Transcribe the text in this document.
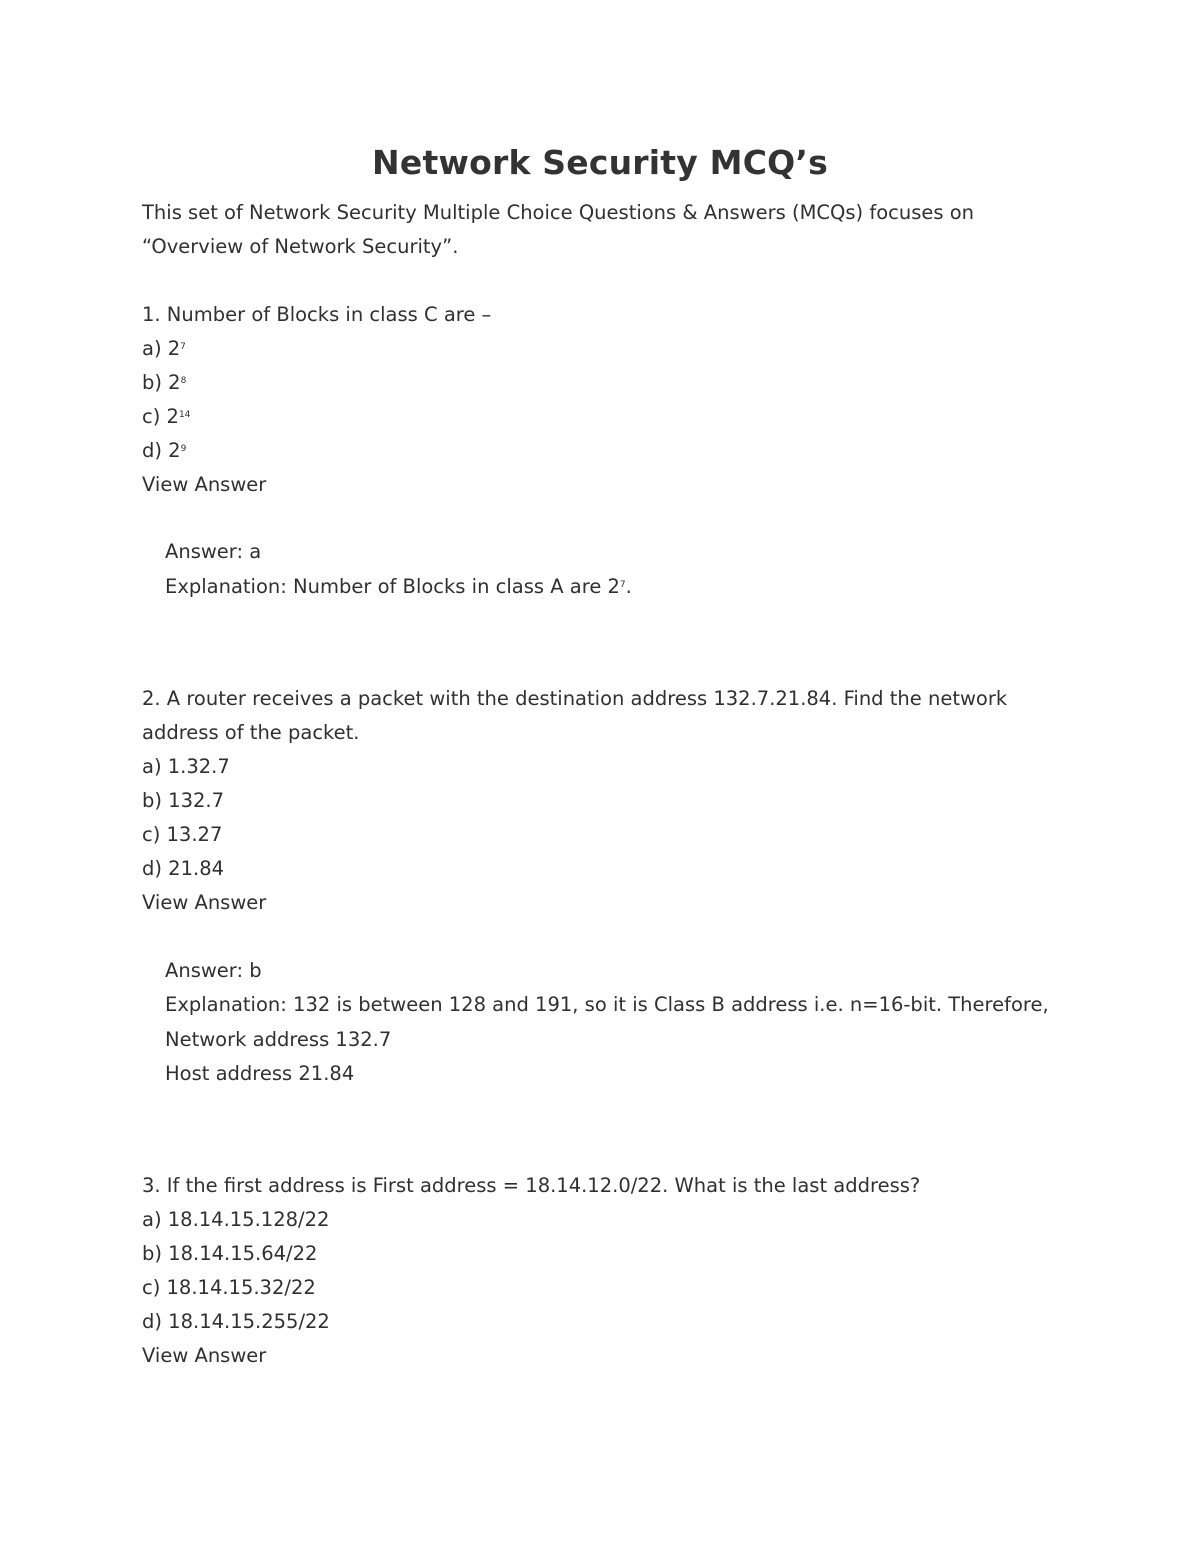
Network Security MCQ’s
This set of Network Security Multiple Choice Questions & Answers (MCQs) focuses on
“Overview of Network Security”.
1. Number of Blocks in class C are –
a) $2^7$
b) $2^8$
c) $2^{14}$
d) $2^9$
View Answer
Answer: a
Explanation: Number of Blocks in class A are $2^7$.
2. A router receives a packet with the destination address 132.7.21.84. Find the network
address of the packet.
a) 1.32.7
b) 132.7
c) 13.27
d) 21.84
View Answer
Answer: b
Explanation: 132 is between 128 and 191, so it is Class B address i.e. n=16-bit. Therefore,
Network address 132.7
Host address 21.84
3. If the first address is First address = 18.14.12.0/22. What is the last address?
a) 18.14.15.128/22
b) 18.14.15.64/22
c) 18.14.15.32/22
d) 18.14.15.255/22
View Answer
